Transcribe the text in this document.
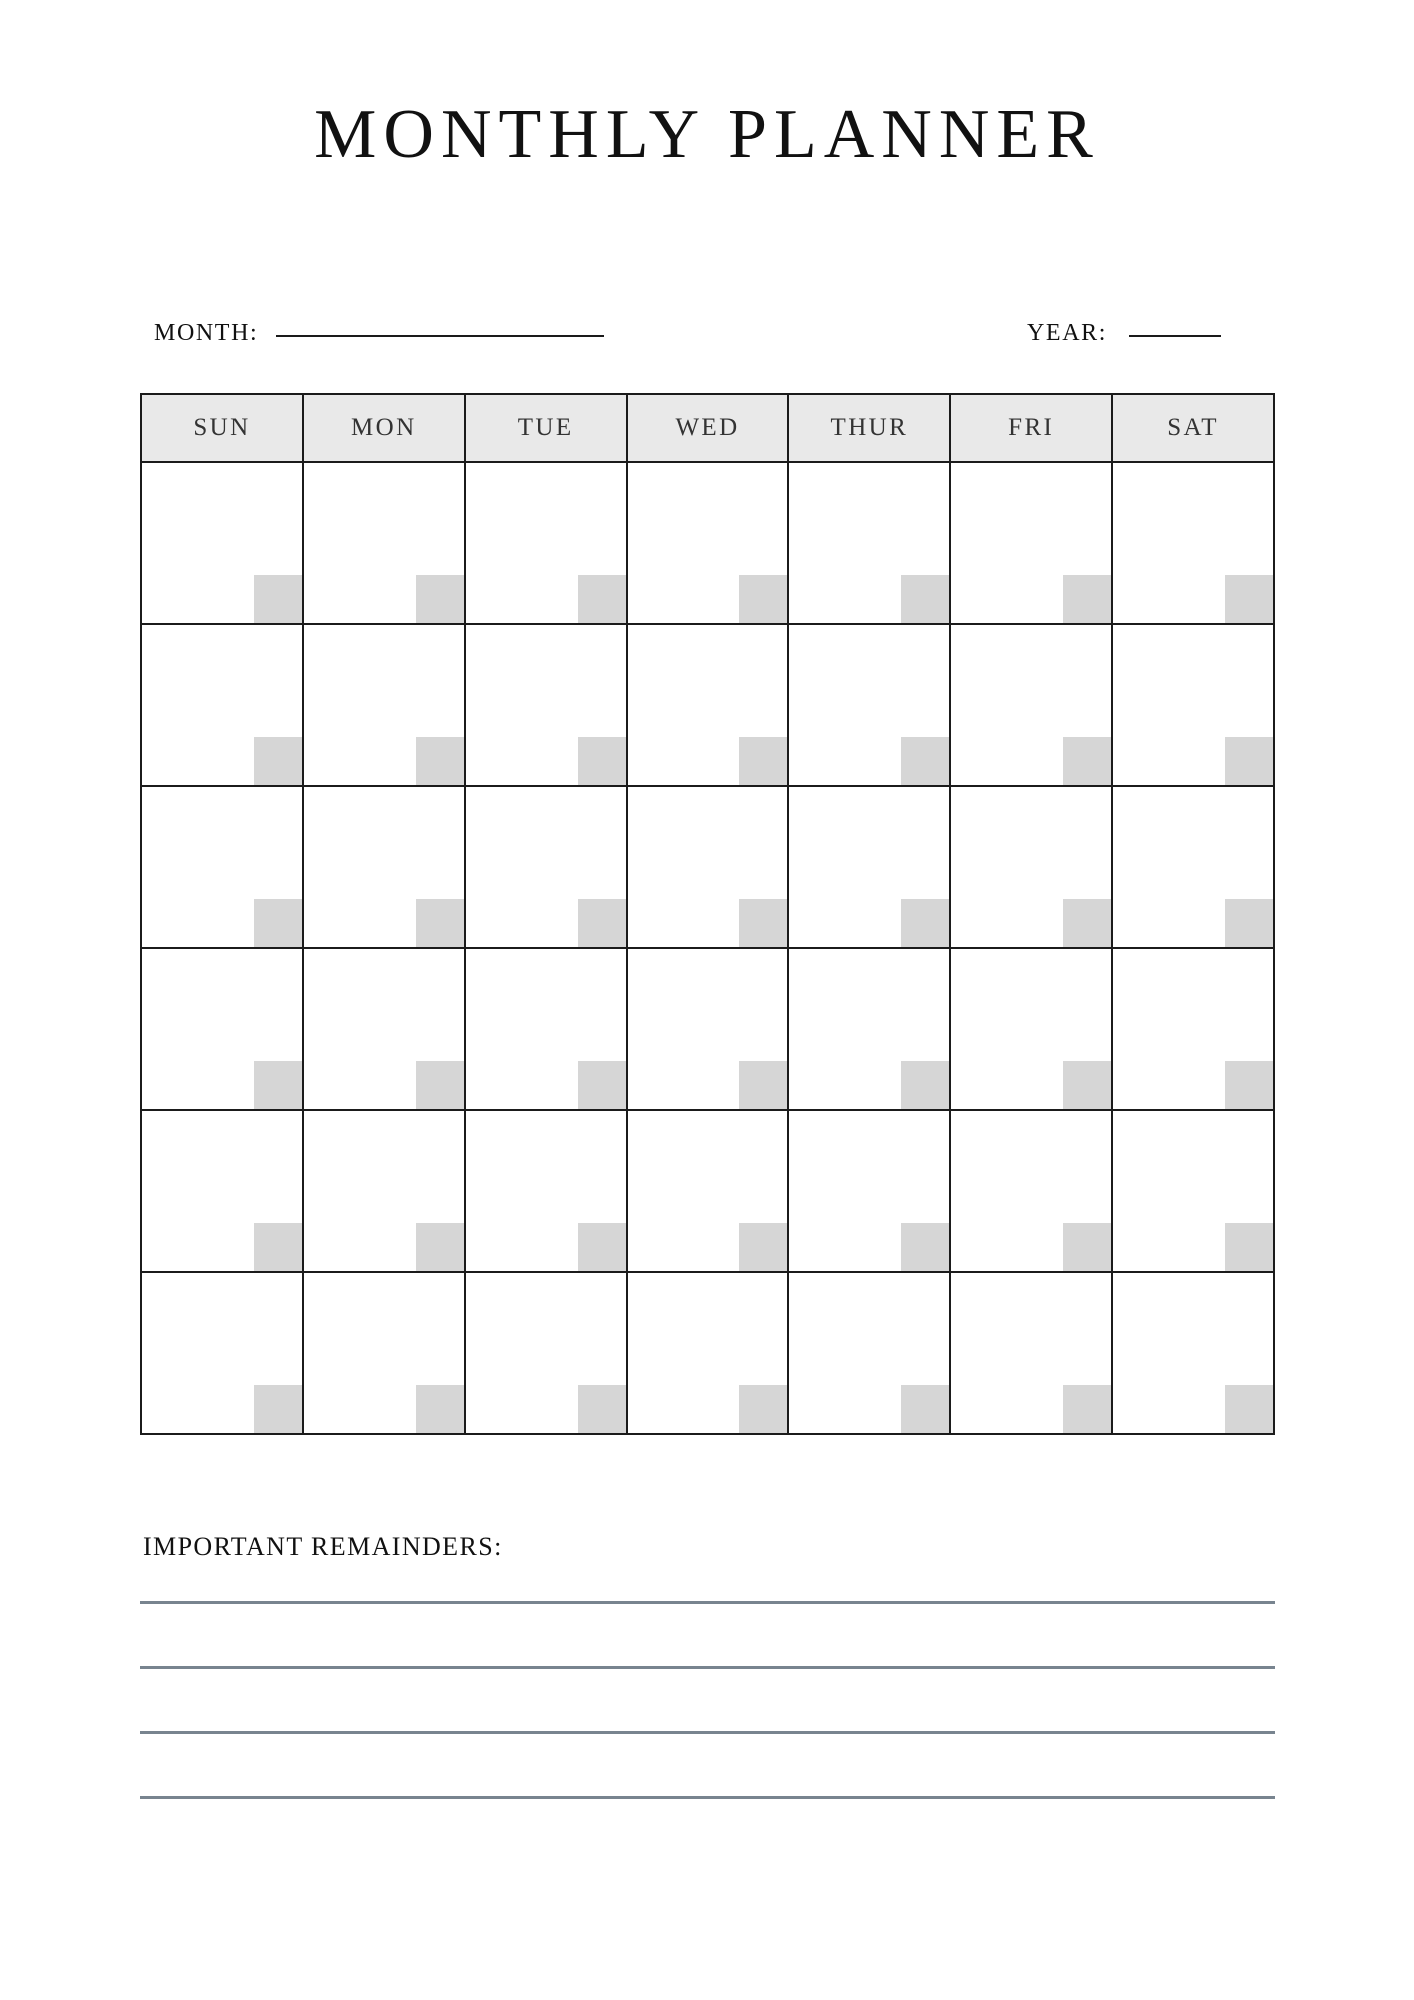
MONTHLY PLANNER
MONTH:	YEAR:
SUN	MON	TUE	WED	THUR	FRI	SAT
IMPORTANT REMAINDERS:
